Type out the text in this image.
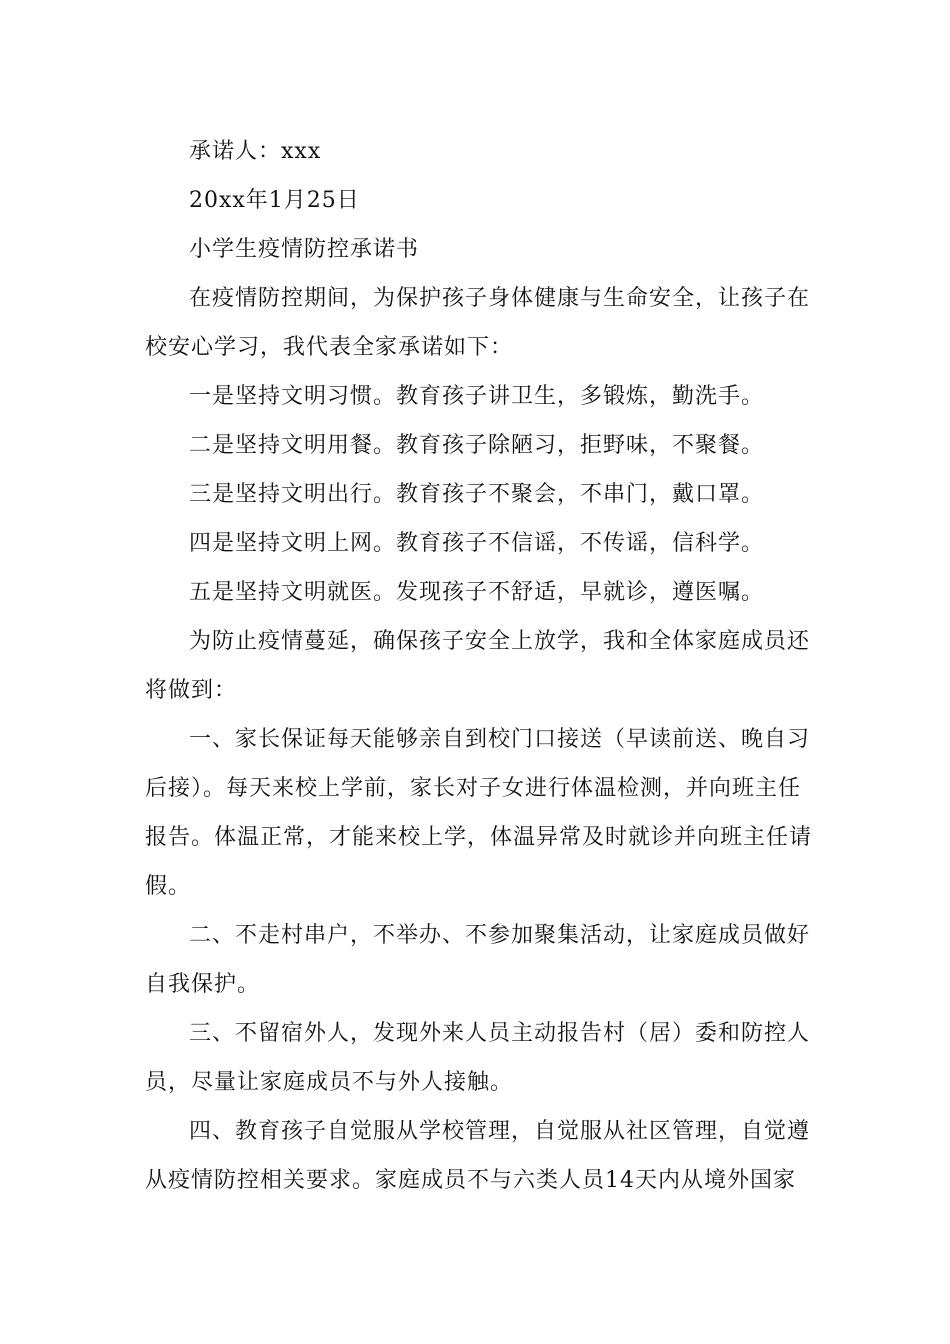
承诺人：xxx
20xx年1月25日
小学生疫情防控承诺书
在疫情防控期间，为保护孩子身体健康与生命安全，让孩子在
校安心学习，我代表全家承诺如下：
一是坚持文明习惯。教育孩子讲卫生，多锻炼，勤洗手。
二是坚持文明用餐。教育孩子除陋习，拒野味，不聚餐。
三是坚持文明出行。教育孩子不聚会，不串门，戴口罩。
四是坚持文明上网。教育孩子不信谣，不传谣，信科学。
五是坚持文明就医。发现孩子不舒适，早就诊，遵医嘱。
为防止疫情蔓延，确保孩子安全上放学，我和全体家庭成员还
将做到：
一、家长保证每天能够亲自到校门口接送（早读前送、晚自习
后接）。每天来校上学前，家长对子女进行体温检测，并向班主任
报告。体温正常，才能来校上学，体温异常及时就诊并向班主任请
假。
二、不走村串户，不举办、不参加聚集活动，让家庭成员做好
自我保护。
三、不留宿外人，发现外来人员主动报告村（居）委和防控人
员，尽量让家庭成员不与外人接触。
四、教育孩子自觉服从学校管理，自觉服从社区管理，自觉遵
从疫情防控相关要求。家庭成员不与六类人员14天内从境外国家
